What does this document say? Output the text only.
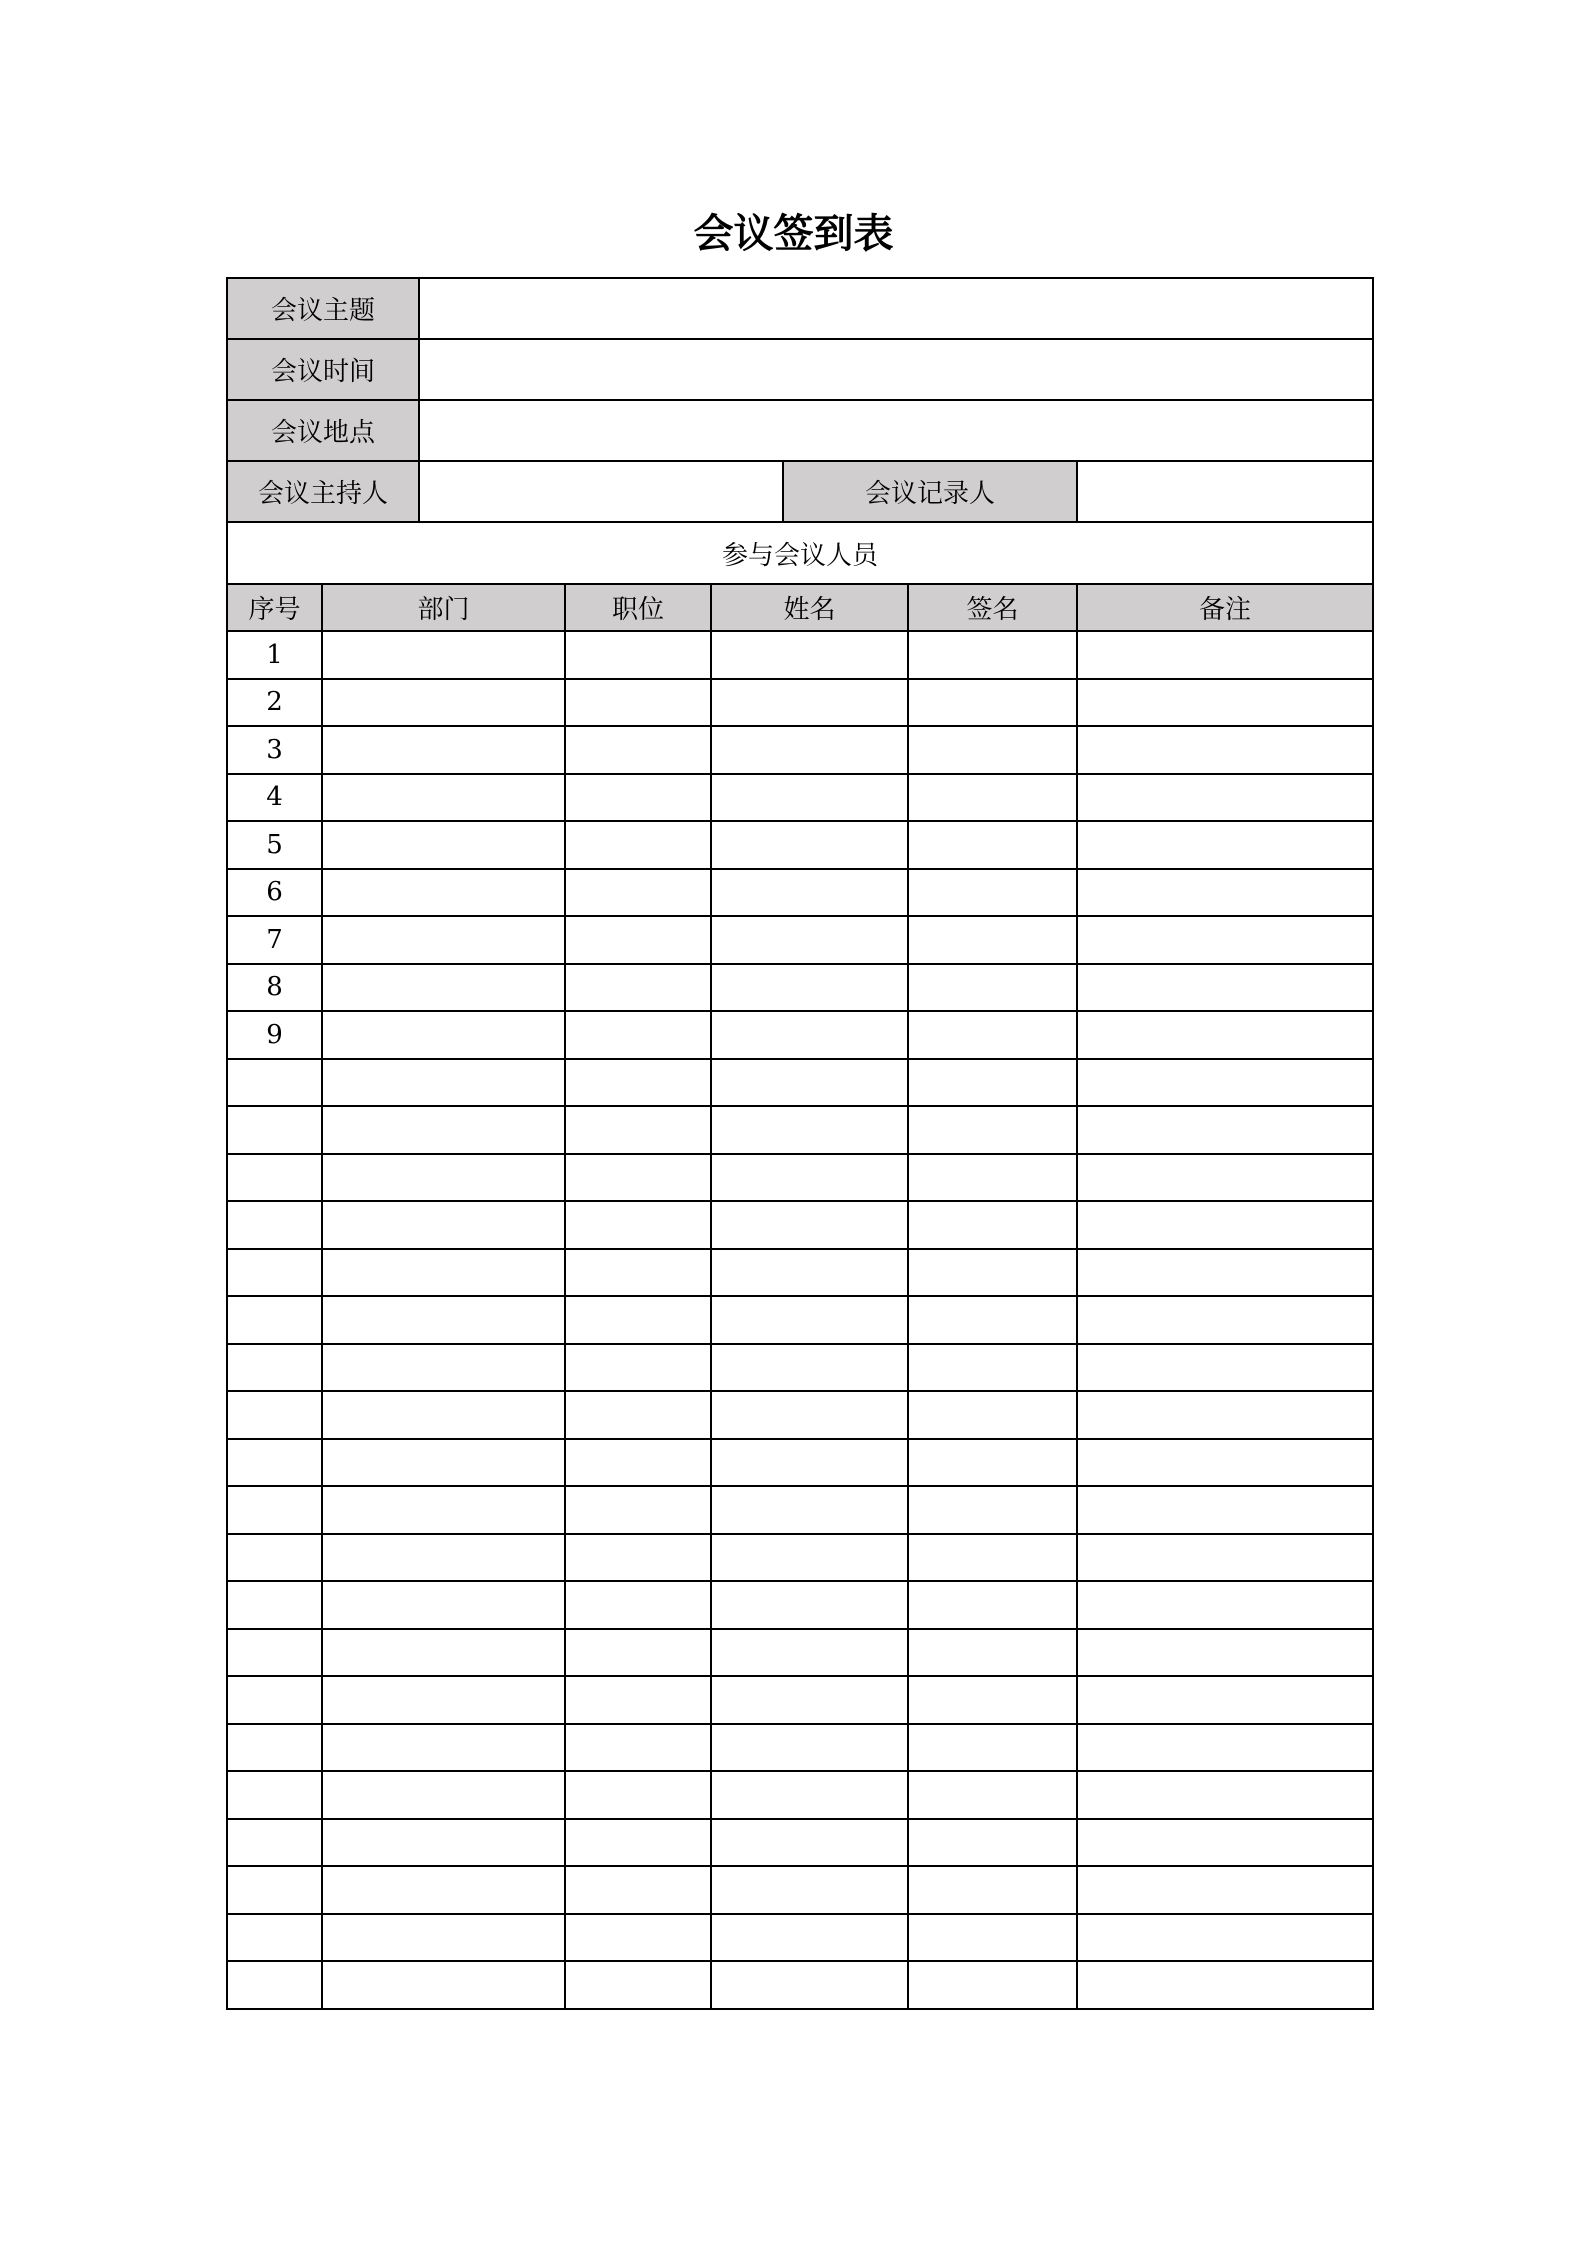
会议签到表
会议主题							
会议时间							
会议地点							
会议主持人					会议记录人		
参与会议人员							
序号	部门		职位	姓名		签名	备注
1							
2							
3							
4							
5							
6							
7							
8							
9							
